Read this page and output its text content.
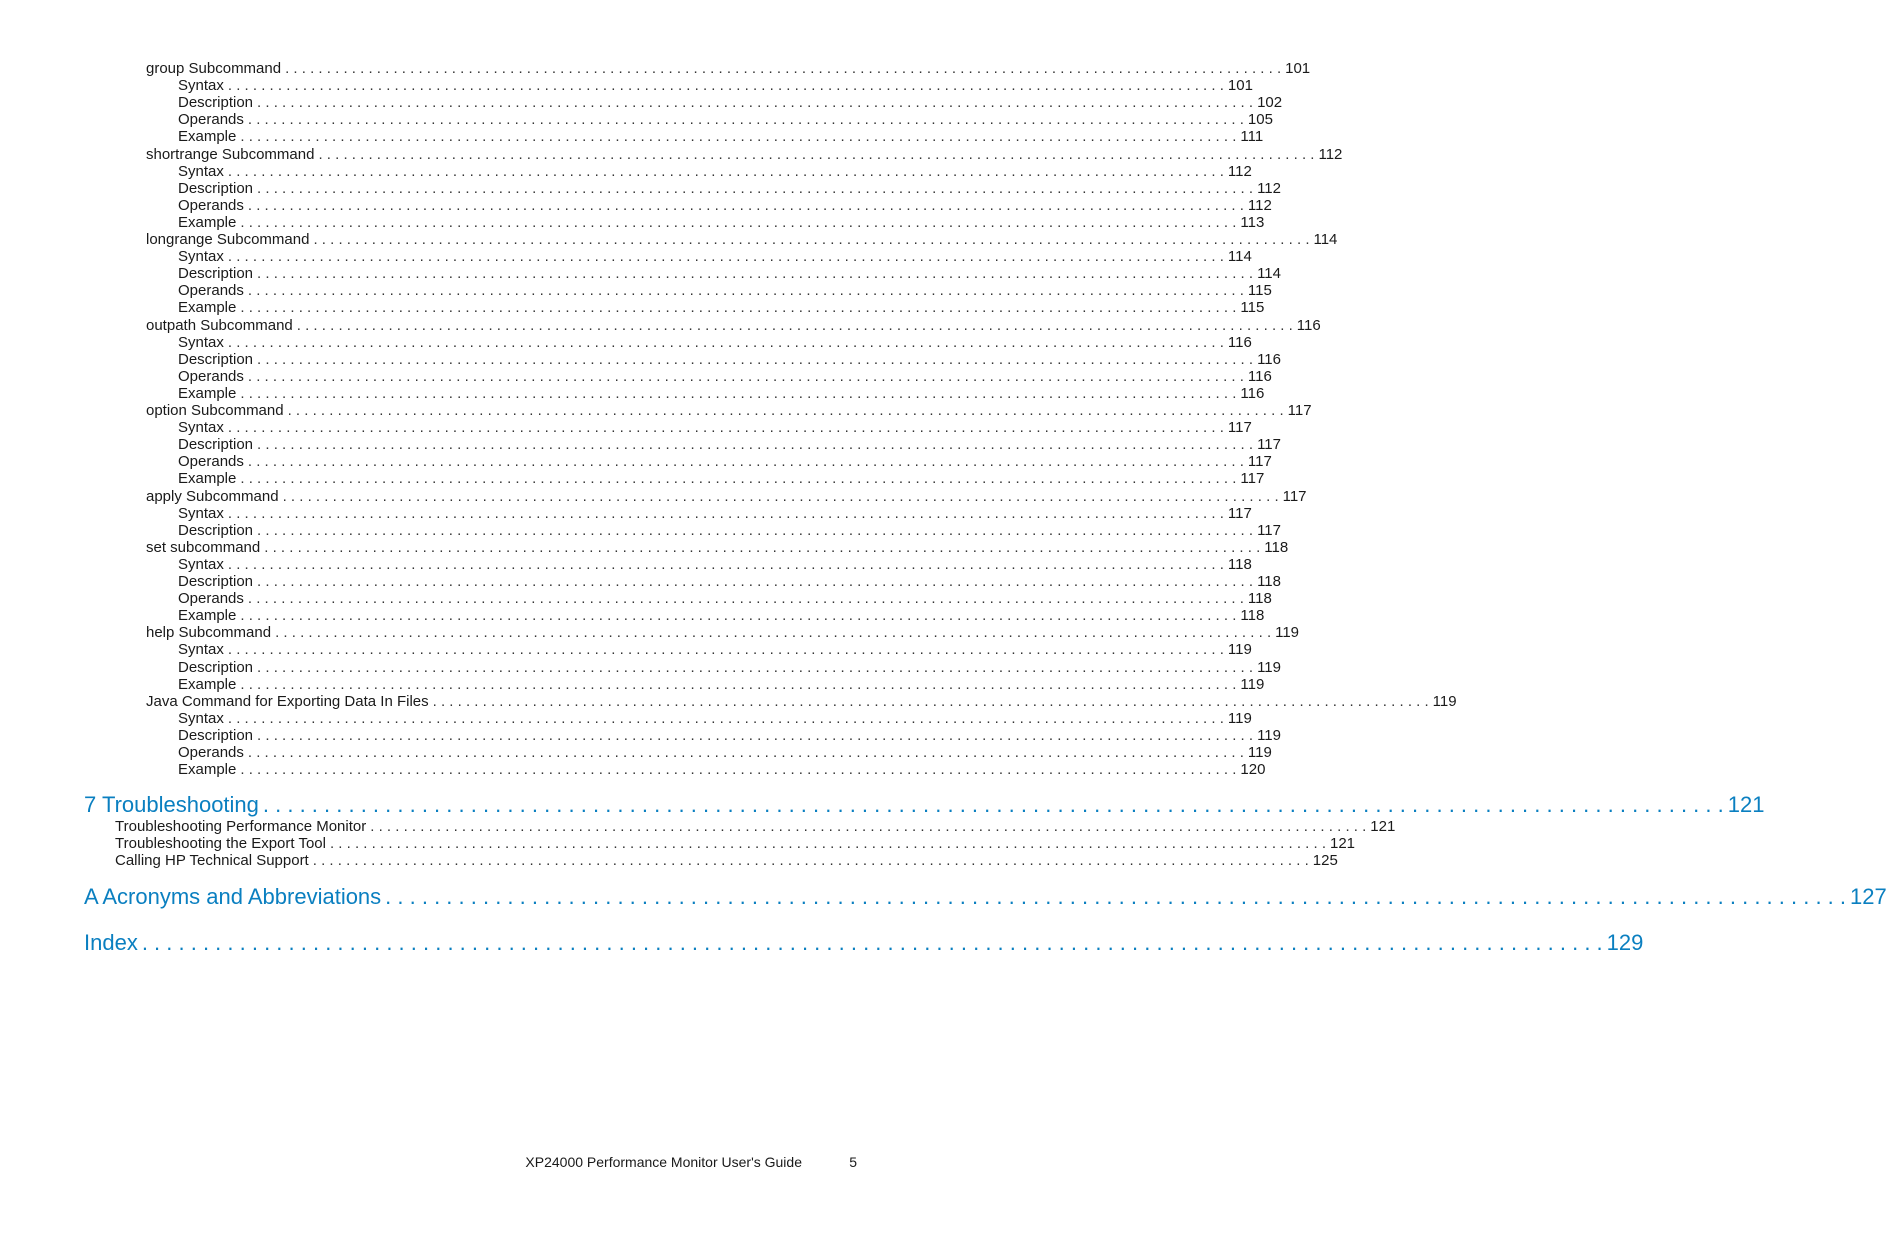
group Subcommand . . . . . . . . . . . . . . . . . . . . . . . . . . . . . . . . . . . . . . . . . . . . . . . . . . . . . . . . . . . . . . . . . . . . . . . . . . . . . . . . . . . . . . . . . . . . . . . . . . . . . . . . . . . . . . . . . . . . . . . . 101
Syntax . . . . . . . . . . . . . . . . . . . . . . . . . . . . . . . . . . . . . . . . . . . . . . . . . . . . . . . . . . . . . . . . . . . . . . . . . . . . . . . . . . . . . . . . . . . . . . . . . . . . . . . . . . . . . . . . . . . . . . . . 101
Description . . . . . . . . . . . . . . . . . . . . . . . . . . . . . . . . . . . . . . . . . . . . . . . . . . . . . . . . . . . . . . . . . . . . . . . . . . . . . . . . . . . . . . . . . . . . . . . . . . . . . . . . . . . . . . . . . . . . . . . . 102
Operands . . . . . . . . . . . . . . . . . . . . . . . . . . . . . . . . . . . . . . . . . . . . . . . . . . . . . . . . . . . . . . . . . . . . . . . . . . . . . . . . . . . . . . . . . . . . . . . . . . . . . . . . . . . . . . . . . . . . . . . . 105
Example . . . . . . . . . . . . . . . . . . . . . . . . . . . . . . . . . . . . . . . . . . . . . . . . . . . . . . . . . . . . . . . . . . . . . . . . . . . . . . . . . . . . . . . . . . . . . . . . . . . . . . . . . . . . . . . . . . . . . . . . 111
shortrange Subcommand . . . . . . . . . . . . . . . . . . . . . . . . . . . . . . . . . . . . . . . . . . . . . . . . . . . . . . . . . . . . . . . . . . . . . . . . . . . . . . . . . . . . . . . . . . . . . . . . . . . . . . . . . . . . . . . . . . . . . . . . 112
Syntax . . . . . . . . . . . . . . . . . . . . . . . . . . . . . . . . . . . . . . . . . . . . . . . . . . . . . . . . . . . . . . . . . . . . . . . . . . . . . . . . . . . . . . . . . . . . . . . . . . . . . . . . . . . . . . . . . . . . . . . . 112
Description . . . . . . . . . . . . . . . . . . . . . . . . . . . . . . . . . . . . . . . . . . . . . . . . . . . . . . . . . . . . . . . . . . . . . . . . . . . . . . . . . . . . . . . . . . . . . . . . . . . . . . . . . . . . . . . . . . . . . . . . 112
Operands . . . . . . . . . . . . . . . . . . . . . . . . . . . . . . . . . . . . . . . . . . . . . . . . . . . . . . . . . . . . . . . . . . . . . . . . . . . . . . . . . . . . . . . . . . . . . . . . . . . . . . . . . . . . . . . . . . . . . . . . 112
Example . . . . . . . . . . . . . . . . . . . . . . . . . . . . . . . . . . . . . . . . . . . . . . . . . . . . . . . . . . . . . . . . . . . . . . . . . . . . . . . . . . . . . . . . . . . . . . . . . . . . . . . . . . . . . . . . . . . . . . . . 113
longrange Subcommand . . . . . . . . . . . . . . . . . . . . . . . . . . . . . . . . . . . . . . . . . . . . . . . . . . . . . . . . . . . . . . . . . . . . . . . . . . . . . . . . . . . . . . . . . . . . . . . . . . . . . . . . . . . . . . . . . . . . . . . . 114
Syntax . . . . . . . . . . . . . . . . . . . . . . . . . . . . . . . . . . . . . . . . . . . . . . . . . . . . . . . . . . . . . . . . . . . . . . . . . . . . . . . . . . . . . . . . . . . . . . . . . . . . . . . . . . . . . . . . . . . . . . . . 114
Description . . . . . . . . . . . . . . . . . . . . . . . . . . . . . . . . . . . . . . . . . . . . . . . . . . . . . . . . . . . . . . . . . . . . . . . . . . . . . . . . . . . . . . . . . . . . . . . . . . . . . . . . . . . . . . . . . . . . . . . . 114
Operands . . . . . . . . . . . . . . . . . . . . . . . . . . . . . . . . . . . . . . . . . . . . . . . . . . . . . . . . . . . . . . . . . . . . . . . . . . . . . . . . . . . . . . . . . . . . . . . . . . . . . . . . . . . . . . . . . . . . . . . . 115
Example . . . . . . . . . . . . . . . . . . . . . . . . . . . . . . . . . . . . . . . . . . . . . . . . . . . . . . . . . . . . . . . . . . . . . . . . . . . . . . . . . . . . . . . . . . . . . . . . . . . . . . . . . . . . . . . . . . . . . . . . 115
outpath Subcommand . . . . . . . . . . . . . . . . . . . . . . . . . . . . . . . . . . . . . . . . . . . . . . . . . . . . . . . . . . . . . . . . . . . . . . . . . . . . . . . . . . . . . . . . . . . . . . . . . . . . . . . . . . . . . . . . . . . . . . . . 116
Syntax . . . . . . . . . . . . . . . . . . . . . . . . . . . . . . . . . . . . . . . . . . . . . . . . . . . . . . . . . . . . . . . . . . . . . . . . . . . . . . . . . . . . . . . . . . . . . . . . . . . . . . . . . . . . . . . . . . . . . . . . 116
Description . . . . . . . . . . . . . . . . . . . . . . . . . . . . . . . . . . . . . . . . . . . . . . . . . . . . . . . . . . . . . . . . . . . . . . . . . . . . . . . . . . . . . . . . . . . . . . . . . . . . . . . . . . . . . . . . . . . . . . . . 116
Operands . . . . . . . . . . . . . . . . . . . . . . . . . . . . . . . . . . . . . . . . . . . . . . . . . . . . . . . . . . . . . . . . . . . . . . . . . . . . . . . . . . . . . . . . . . . . . . . . . . . . . . . . . . . . . . . . . . . . . . . . 116
Example . . . . . . . . . . . . . . . . . . . . . . . . . . . . . . . . . . . . . . . . . . . . . . . . . . . . . . . . . . . . . . . . . . . . . . . . . . . . . . . . . . . . . . . . . . . . . . . . . . . . . . . . . . . . . . . . . . . . . . . . 116
option Subcommand . . . . . . . . . . . . . . . . . . . . . . . . . . . . . . . . . . . . . . . . . . . . . . . . . . . . . . . . . . . . . . . . . . . . . . . . . . . . . . . . . . . . . . . . . . . . . . . . . . . . . . . . . . . . . . . . . . . . . . . . 117
Syntax . . . . . . . . . . . . . . . . . . . . . . . . . . . . . . . . . . . . . . . . . . . . . . . . . . . . . . . . . . . . . . . . . . . . . . . . . . . . . . . . . . . . . . . . . . . . . . . . . . . . . . . . . . . . . . . . . . . . . . . . 117
Description . . . . . . . . . . . . . . . . . . . . . . . . . . . . . . . . . . . . . . . . . . . . . . . . . . . . . . . . . . . . . . . . . . . . . . . . . . . . . . . . . . . . . . . . . . . . . . . . . . . . . . . . . . . . . . . . . . . . . . . . 117
Operands . . . . . . . . . . . . . . . . . . . . . . . . . . . . . . . . . . . . . . . . . . . . . . . . . . . . . . . . . . . . . . . . . . . . . . . . . . . . . . . . . . . . . . . . . . . . . . . . . . . . . . . . . . . . . . . . . . . . . . . . 117
Example . . . . . . . . . . . . . . . . . . . . . . . . . . . . . . . . . . . . . . . . . . . . . . . . . . . . . . . . . . . . . . . . . . . . . . . . . . . . . . . . . . . . . . . . . . . . . . . . . . . . . . . . . . . . . . . . . . . . . . . . 117
apply Subcommand . . . . . . . . . . . . . . . . . . . . . . . . . . . . . . . . . . . . . . . . . . . . . . . . . . . . . . . . . . . . . . . . . . . . . . . . . . . . . . . . . . . . . . . . . . . . . . . . . . . . . . . . . . . . . . . . . . . . . . . . 117
Syntax . . . . . . . . . . . . . . . . . . . . . . . . . . . . . . . . . . . . . . . . . . . . . . . . . . . . . . . . . . . . . . . . . . . . . . . . . . . . . . . . . . . . . . . . . . . . . . . . . . . . . . . . . . . . . . . . . . . . . . . . 117
Description . . . . . . . . . . . . . . . . . . . . . . . . . . . . . . . . . . . . . . . . . . . . . . . . . . . . . . . . . . . . . . . . . . . . . . . . . . . . . . . . . . . . . . . . . . . . . . . . . . . . . . . . . . . . . . . . . . . . . . . . 117
set subcommand . . . . . . . . . . . . . . . . . . . . . . . . . . . . . . . . . . . . . . . . . . . . . . . . . . . . . . . . . . . . . . . . . . . . . . . . . . . . . . . . . . . . . . . . . . . . . . . . . . . . . . . . . . . . . . . . . . . . . . . . 118
Syntax . . . . . . . . . . . . . . . . . . . . . . . . . . . . . . . . . . . . . . . . . . . . . . . . . . . . . . . . . . . . . . . . . . . . . . . . . . . . . . . . . . . . . . . . . . . . . . . . . . . . . . . . . . . . . . . . . . . . . . . . 118
Description . . . . . . . . . . . . . . . . . . . . . . . . . . . . . . . . . . . . . . . . . . . . . . . . . . . . . . . . . . . . . . . . . . . . . . . . . . . . . . . . . . . . . . . . . . . . . . . . . . . . . . . . . . . . . . . . . . . . . . . . 118
Operands . . . . . . . . . . . . . . . . . . . . . . . . . . . . . . . . . . . . . . . . . . . . . . . . . . . . . . . . . . . . . . . . . . . . . . . . . . . . . . . . . . . . . . . . . . . . . . . . . . . . . . . . . . . . . . . . . . . . . . . . 118
Example . . . . . . . . . . . . . . . . . . . . . . . . . . . . . . . . . . . . . . . . . . . . . . . . . . . . . . . . . . . . . . . . . . . . . . . . . . . . . . . . . . . . . . . . . . . . . . . . . . . . . . . . . . . . . . . . . . . . . . . . 118
help Subcommand . . . . . . . . . . . . . . . . . . . . . . . . . . . . . . . . . . . . . . . . . . . . . . . . . . . . . . . . . . . . . . . . . . . . . . . . . . . . . . . . . . . . . . . . . . . . . . . . . . . . . . . . . . . . . . . . . . . . . . . . 119
Syntax . . . . . . . . . . . . . . . . . . . . . . . . . . . . . . . . . . . . . . . . . . . . . . . . . . . . . . . . . . . . . . . . . . . . . . . . . . . . . . . . . . . . . . . . . . . . . . . . . . . . . . . . . . . . . . . . . . . . . . . . 119
Description . . . . . . . . . . . . . . . . . . . . . . . . . . . . . . . . . . . . . . . . . . . . . . . . . . . . . . . . . . . . . . . . . . . . . . . . . . . . . . . . . . . . . . . . . . . . . . . . . . . . . . . . . . . . . . . . . . . . . . . . 119
Example . . . . . . . . . . . . . . . . . . . . . . . . . . . . . . . . . . . . . . . . . . . . . . . . . . . . . . . . . . . . . . . . . . . . . . . . . . . . . . . . . . . . . . . . . . . . . . . . . . . . . . . . . . . . . . . . . . . . . . . . 119
Java Command for Exporting Data In Files . . . . . . . . . . . . . . . . . . . . . . . . . . . . . . . . . . . . . . . . . . . . . . . . . . . . . . . . . . . . . . . . . . . . . . . . . . . . . . . . . . . . . . . . . . . . . . . . . . . . . . . . . . . . . . . . . . . . . . . . 119
Syntax . . . . . . . . . . . . . . . . . . . . . . . . . . . . . . . . . . . . . . . . . . . . . . . . . . . . . . . . . . . . . . . . . . . . . . . . . . . . . . . . . . . . . . . . . . . . . . . . . . . . . . . . . . . . . . . . . . . . . . . . 119
Description . . . . . . . . . . . . . . . . . . . . . . . . . . . . . . . . . . . . . . . . . . . . . . . . . . . . . . . . . . . . . . . . . . . . . . . . . . . . . . . . . . . . . . . . . . . . . . . . . . . . . . . . . . . . . . . . . . . . . . . . 119
Operands . . . . . . . . . . . . . . . . . . . . . . . . . . . . . . . . . . . . . . . . . . . . . . . . . . . . . . . . . . . . . . . . . . . . . . . . . . . . . . . . . . . . . . . . . . . . . . . . . . . . . . . . . . . . . . . . . . . . . . . . 119
Example . . . . . . . . . . . . . . . . . . . . . . . . . . . . . . . . . . . . . . . . . . . . . . . . . . . . . . . . . . . . . . . . . . . . . . . . . . . . . . . . . . . . . . . . . . . . . . . . . . . . . . . . . . . . . . . . . . . . . . . . 120
7 Troubleshooting . . . . . . . . . . . . . . . . . . . . . . . . . . . . . . . . . . . . . . . . . . . . . . . . . . . . . . . . . . . . . . . . . . . . . . . . . . . . . . . . . . . . . . . . . . . . . . . . . . . . . . . . . . . . . . . . . . . . . . . . 121
Troubleshooting Performance Monitor . . . . . . . . . . . . . . . . . . . . . . . . . . . . . . . . . . . . . . . . . . . . . . . . . . . . . . . . . . . . . . . . . . . . . . . . . . . . . . . . . . . . . . . . . . . . . . . . . . . . . . . . . . . . . . . . . . . . . . . . 121
Troubleshooting the Export Tool . . . . . . . . . . . . . . . . . . . . . . . . . . . . . . . . . . . . . . . . . . . . . . . . . . . . . . . . . . . . . . . . . . . . . . . . . . . . . . . . . . . . . . . . . . . . . . . . . . . . . . . . . . . . . . . . . . . . . . . . 121
Calling HP Technical Support . . . . . . . . . . . . . . . . . . . . . . . . . . . . . . . . . . . . . . . . . . . . . . . . . . . . . . . . . . . . . . . . . . . . . . . . . . . . . . . . . . . . . . . . . . . . . . . . . . . . . . . . . . . . . . . . . . . . . . . . 125
A Acronyms and Abbreviations . . . . . . . . . . . . . . . . . . . . . . . . . . . . . . . . . . . . . . . . . . . . . . . . . . . . . . . . . . . . . . . . . . . . . . . . . . . . . . . . . . . . . . . . . . . . . . . . . . . . . . . . . . . . . . . . . . . . . . . . 127
Index . . . . . . . . . . . . . . . . . . . . . . . . . . . . . . . . . . . . . . . . . . . . . . . . . . . . . . . . . . . . . . . . . . . . . . . . . . . . . . . . . . . . . . . . . . . . . . . . . . . . . . . . . . . . . . . . . . . . . . . . 129
XP24000 Performance Monitor User's Guide	5
